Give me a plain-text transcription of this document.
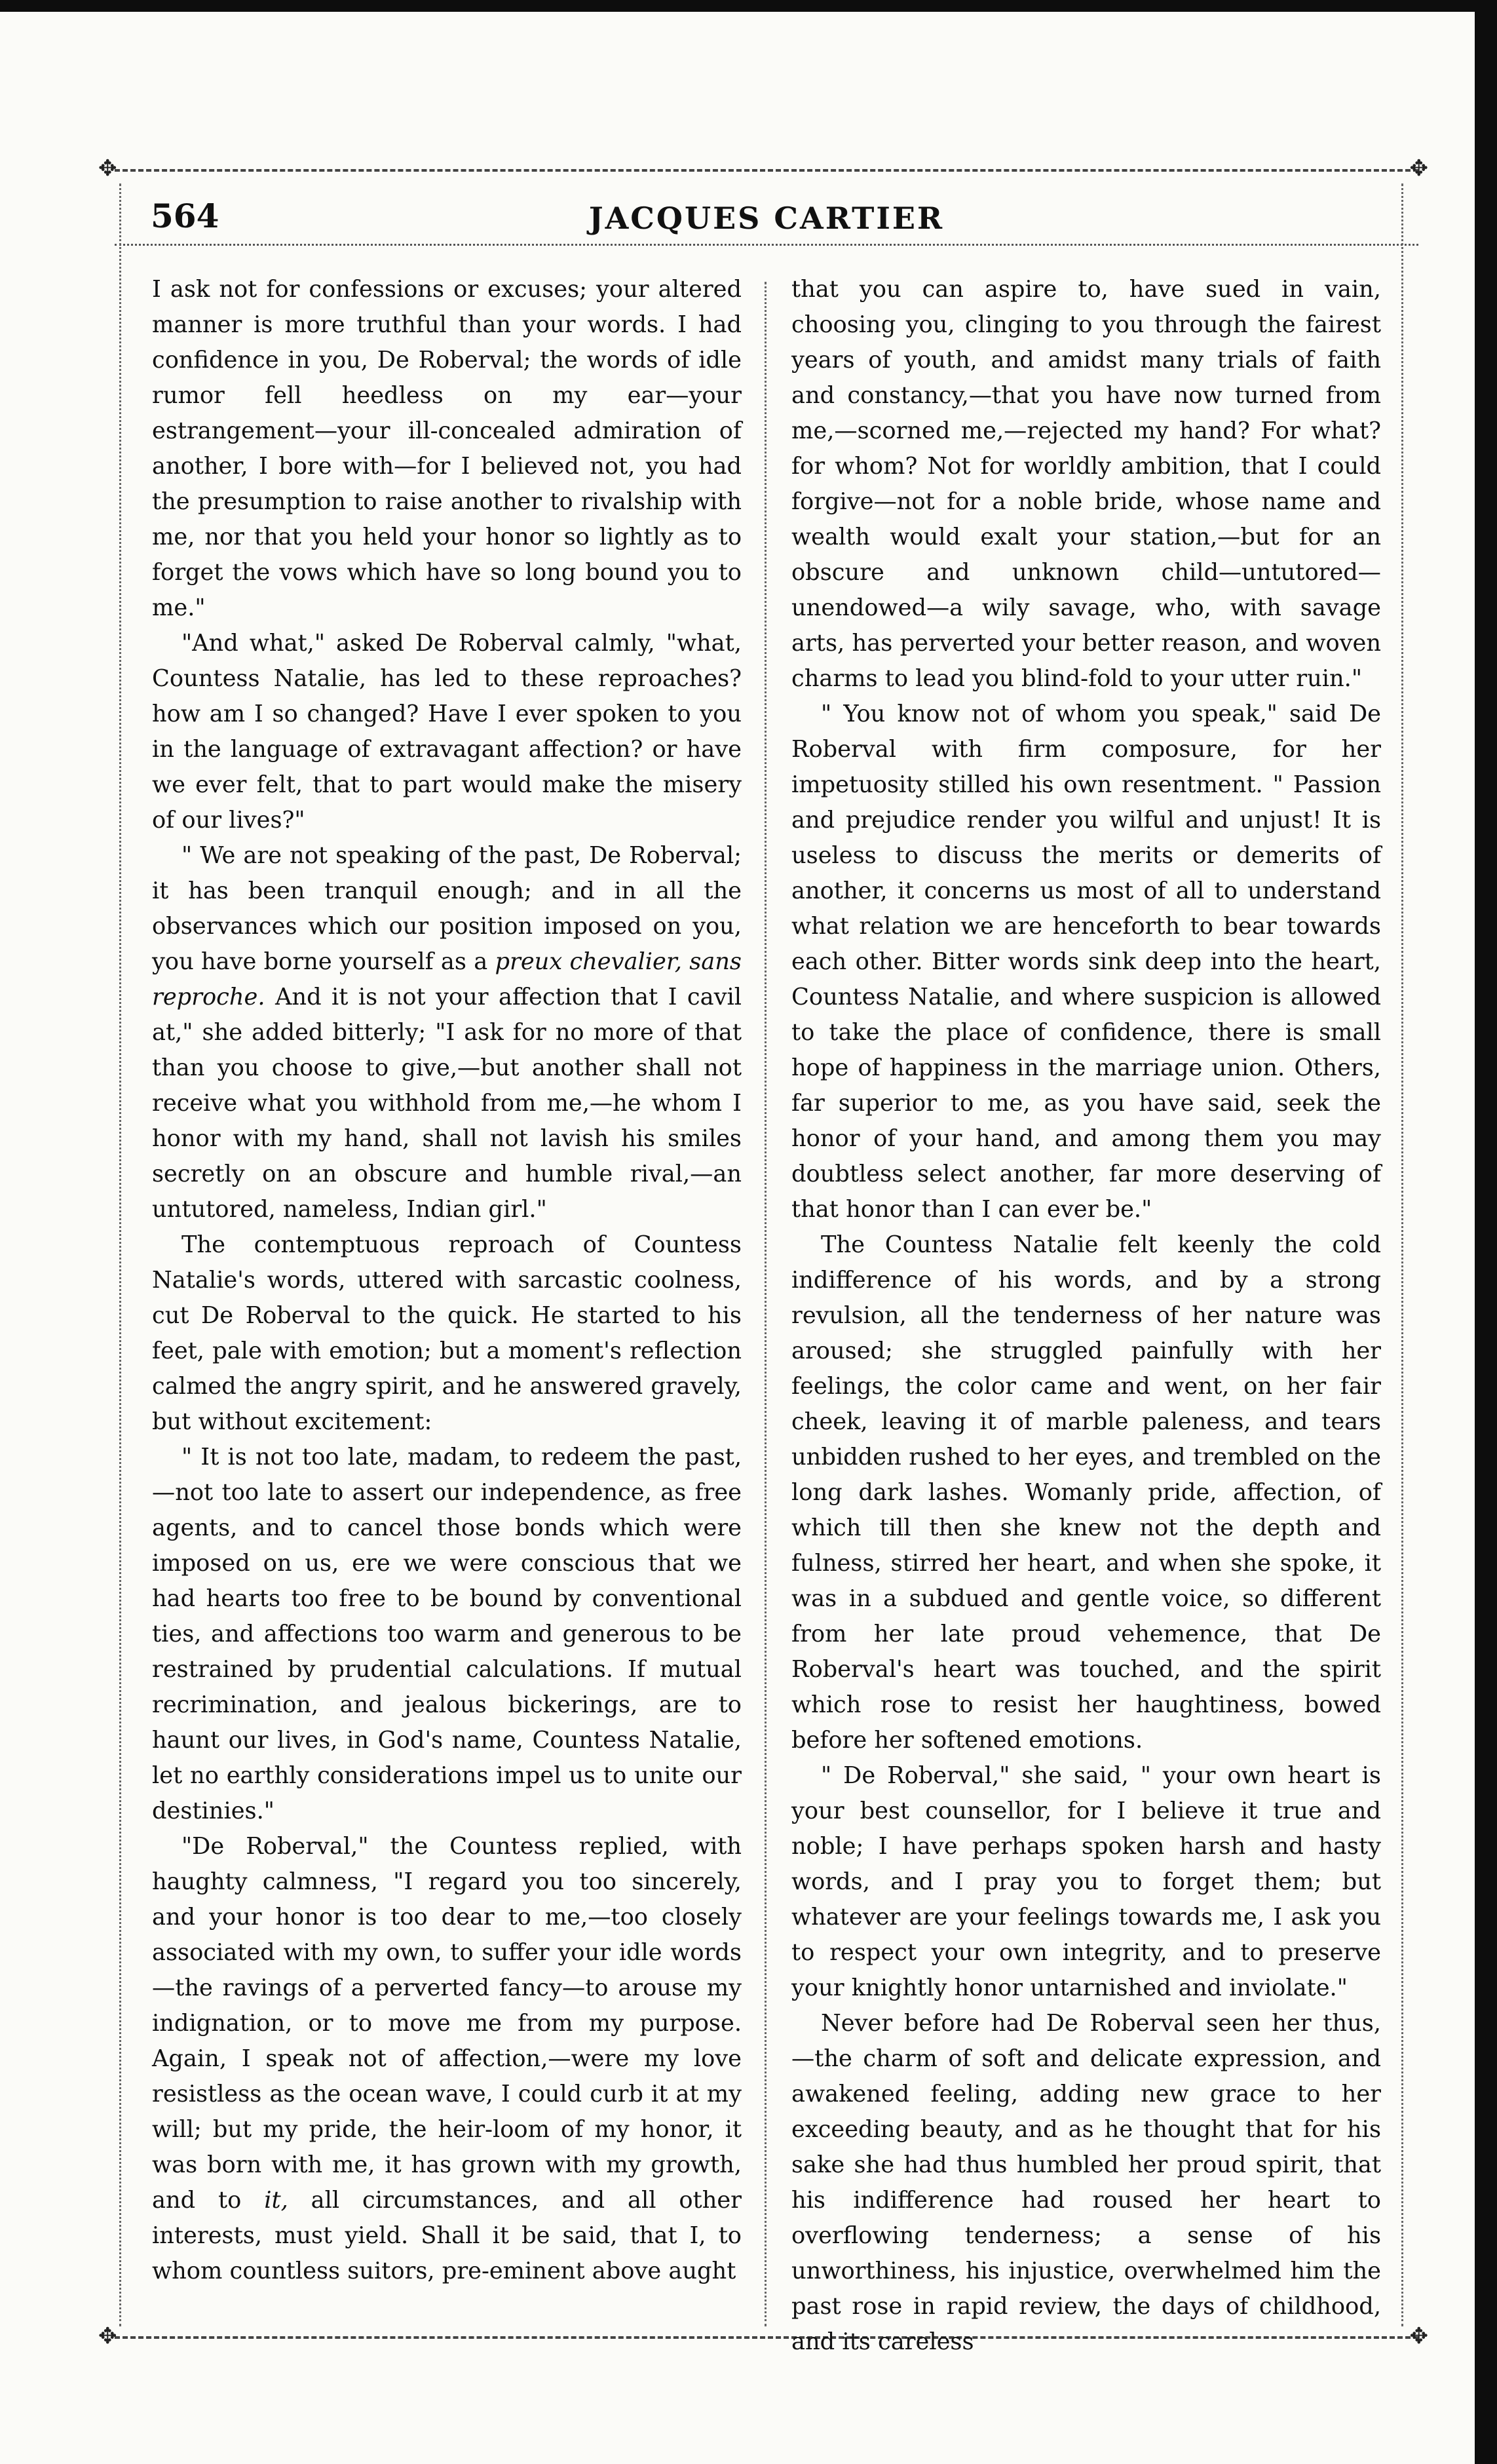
✥	✥
✥	✥
564	JACQUES CARTIER

I ask not for confessions or excuses; your altered manner is more truthful than your words. I had confidence in you, De Roberval; the words of idle rumor fell heedless on my ear—your estrangement—your ill-concealed admiration of another, I bore with—for I believed not, you had the presumption to raise another to rivalship with me, nor that you held your honor so lightly as to forget the vows which have so long bound you to me."

"And what," asked De Roberval calmly, "what, Countess Natalie, has led to these reproaches? how am I so changed? Have I ever spoken to you in the language of extravagant affection? or have we ever felt, that to part would make the misery of our lives?"

" We are not speaking of the past, De Roberval; it has been tranquil enough; and in all the observances which our position imposed on you, you have borne yourself as a preux chevalier, sans reproche. And it is not your affection that I cavil at," she added bitterly; "I ask for no more of that than you choose to give,—but another shall not receive what you withhold from me,—he whom I honor with my hand, shall not lavish his smiles secretly on an obscure and humble rival,—an untutored, nameless, Indian girl."

The contemptuous reproach of Countess Natalie's words, uttered with sarcastic coolness, cut De Roberval to the quick. He started to his feet, pale with emotion; but a moment's reflection calmed the angry spirit, and he answered gravely, but without excitement:

" It is not too late, madam, to redeem the past,—not too late to assert our independence, as free agents, and to cancel those bonds which were imposed on us, ere we were conscious that we had hearts too free to be bound by conventional ties, and affections too warm and generous to be restrained by prudential calculations. If mutual recrimination, and jealous bickerings, are to haunt our lives, in God's name, Countess Natalie, let no earthly considerations impel us to unite our destinies."

"De Roberval," the Countess replied, with haughty calmness, "I regard you too sincerely, and your honor is too dear to me,—too closely associated with my own, to suffer your idle words—the ravings of a perverted fancy—to arouse my indignation, or to move me from my purpose. Again, I speak not of affection,—were my love resistless as the ocean wave, I could curb it at my will; but my pride, the heir-loom of my honor, it was born with me, it has grown with my growth, and to it, all circumstances, and all other interests, must yield. Shall it be said, that I, to whom countless suitors, pre-eminent above aught

that you can aspire to, have sued in vain, choosing you, clinging to you through the fairest years of youth, and amidst many trials of faith and constancy,—that you have now turned from me,—scorned me,—rejected my hand? For what? for whom? Not for worldly ambition, that I could forgive—not for a noble bride, whose name and wealth would exalt your station,—but for an obscure and unknown child—untutored—unendowed—a wily savage, who, with savage arts, has perverted your better reason, and woven charms to lead you blind-fold to your utter ruin."

" You know not of whom you speak," said De Roberval with firm composure, for her impetuosity stilled his own resentment. " Passion and prejudice render you wilful and unjust! It is useless to discuss the merits or demerits of another, it concerns us most of all to understand what relation we are henceforth to bear towards each other. Bitter words sink deep into the heart, Countess Natalie, and where suspicion is allowed to take the place of confidence, there is small hope of happiness in the marriage union. Others, far superior to me, as you have said, seek the honor of your hand, and among them you may doubtless select another, far more deserving of that honor than I can ever be."

The Countess Natalie felt keenly the cold indifference of his words, and by a strong revulsion, all the tenderness of her nature was aroused; she struggled painfully with her feelings, the color came and went, on her fair cheek, leaving it of marble paleness, and tears unbidden rushed to her eyes, and trembled on the long dark lashes. Womanly pride, affection, of which till then she knew not the depth and fulness, stirred her heart, and when she spoke, it was in a subdued and gentle voice, so different from her late proud vehemence, that De Roberval's heart was touched, and the spirit which rose to resist her haughtiness, bowed before her softened emotions.

" De Roberval," she said, " your own heart is your best counsellor, for I believe it true and noble; I have perhaps spoken harsh and hasty words, and I pray you to forget them; but whatever are your feelings towards me, I ask you to respect your own integrity, and to preserve your knightly honor untarnished and inviolate."

Never before had De Roberval seen her thus, —the charm of soft and delicate expression, and awakened feeling, adding new grace to her exceeding beauty, and as he thought that for his sake she had thus humbled her proud spirit, that his indifference had roused her heart to overflowing tenderness; a sense of his unworthiness, his injustice, overwhelmed him the past rose in rapid review, the days of childhood, and its careless
